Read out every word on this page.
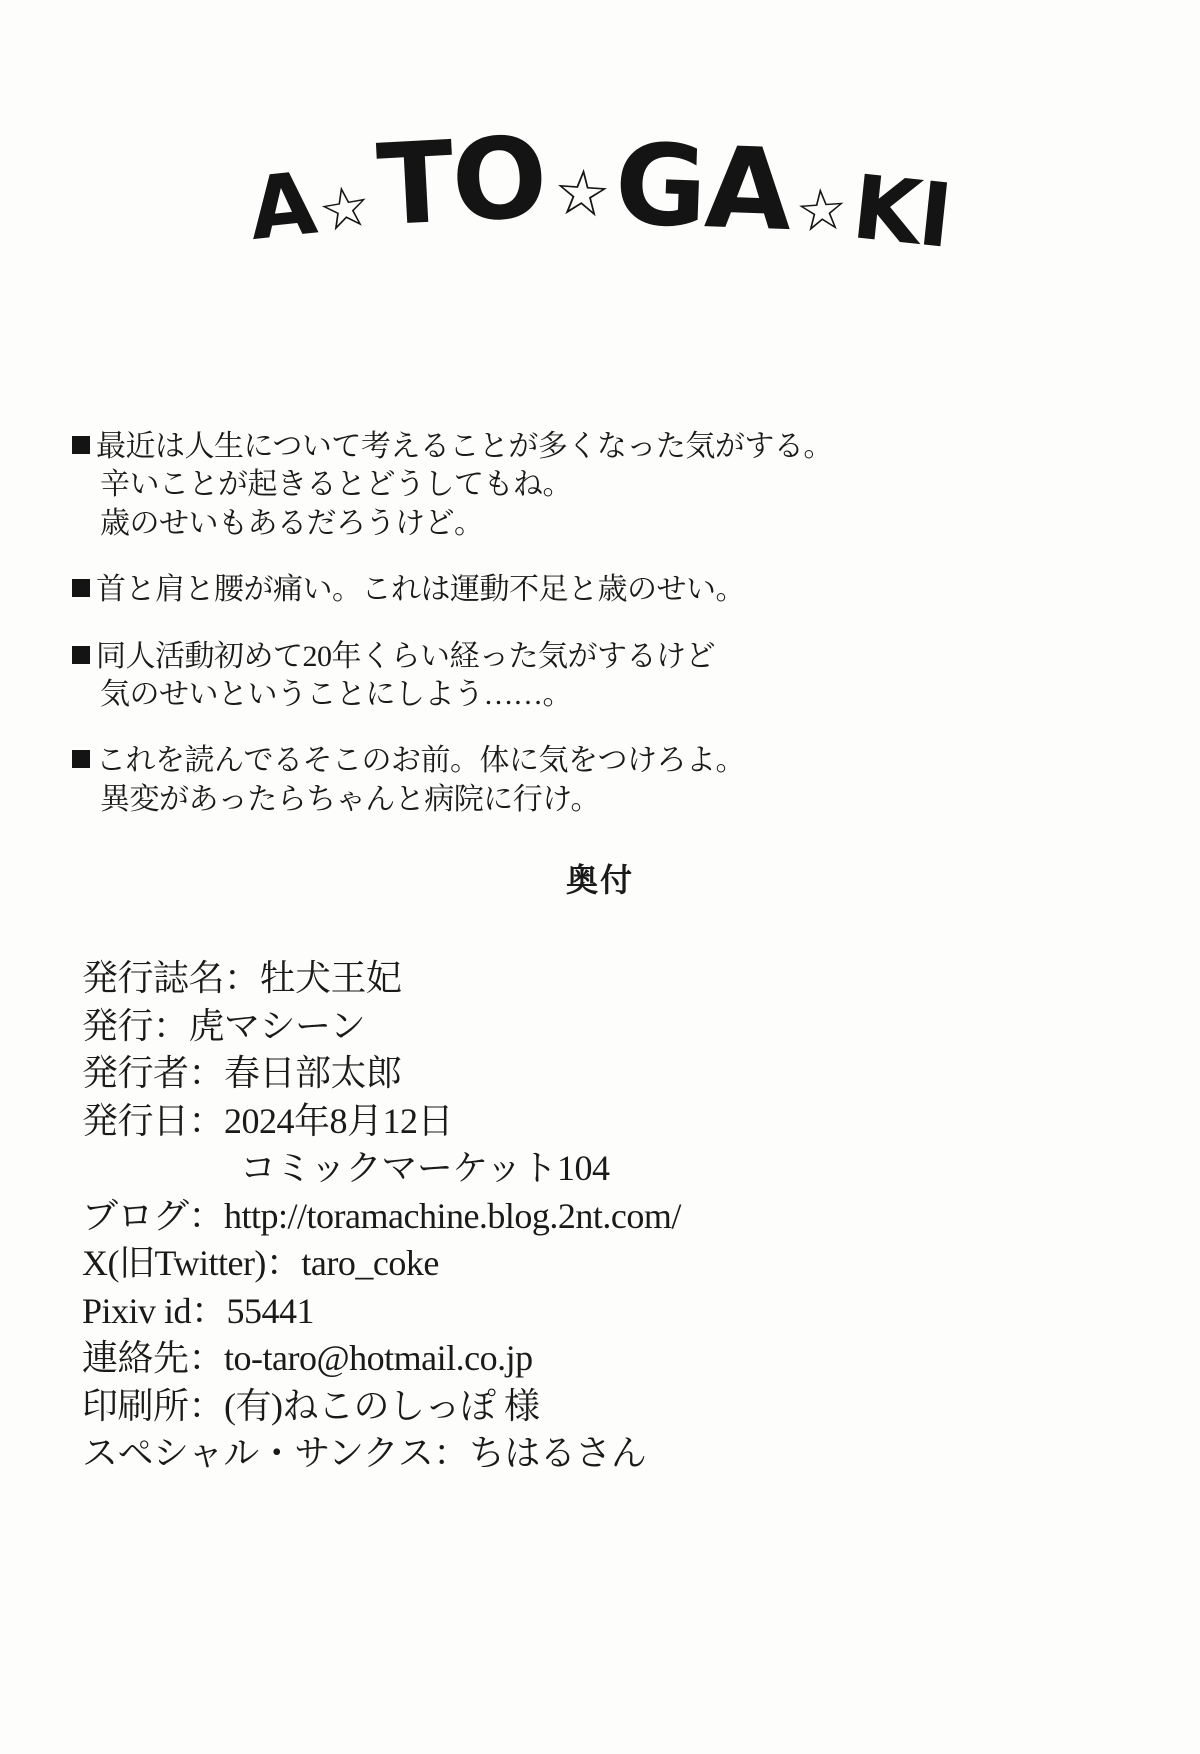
A
☆
TO ☆ GA ☆
KI
最近は人生について考えることが多くなった気がする。
辛いことが起きるとどうしてもね。
歳のせいもあるだろうけど。
首と肩と腰が痛い。これは運動不足と歳のせい。
同人活動初めて20年くらい経った気がするけど
気のせいということにしよう……。
これを読んでるそこのお前。体に気をつけろよ。
異変があったらちゃんと病院に行け。
奥付
発行誌名：牡犬王妃
発行：虎マシーン
発行者：春日部太郎
発行日：2024年8月12日
コミックマーケット104
ブログ：http://toramachine.blog.2nt.com/
X(旧Twitter)：taro_coke
Pixiv id：55441
連絡先：to-taro@hotmail.co.jp
印刷所：(有)ねこのしっぽ 様
スペシャル・サンクス：ちはるさん
